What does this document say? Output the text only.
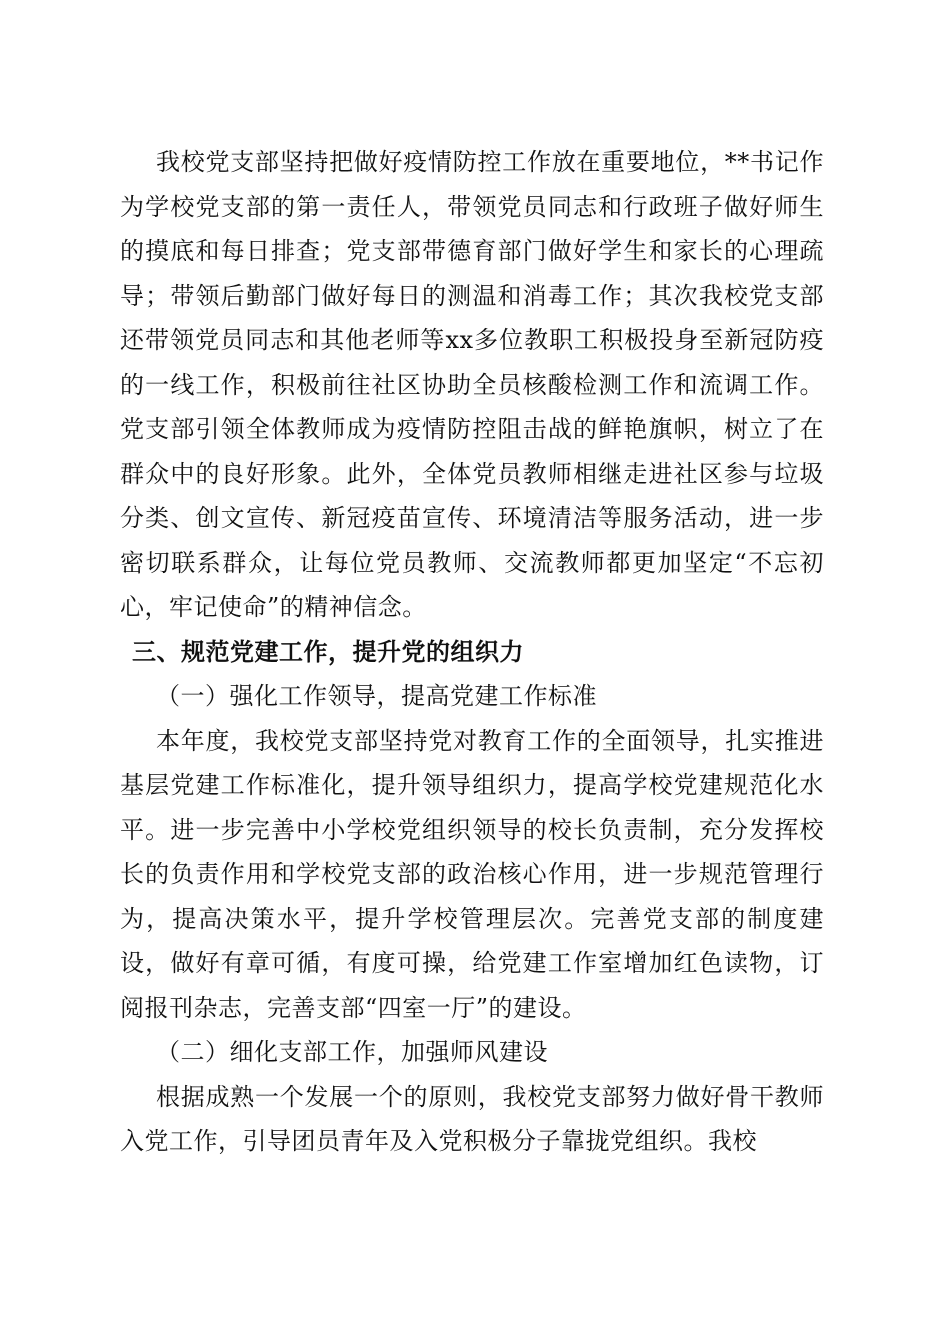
我校党支部坚持把做好疫情防控工作放在重要地位，**书记作为学校党支部的第一责任人，带领党员同志和行政班子做好师生的摸底和每日排查；党支部带德育部门做好学生和家长的心理疏导；带领后勤部门做好每日的测温和消毒工作；其次我校党支部还带领党员同志和其他老师等xx多位教职工积极投身至新冠防疫的一线工作，积极前往社区协助全员核酸检测工作和流调工作。党支部引领全体教师成为疫情防控阻击战的鲜艳旗帜，树立了在群众中的良好形象。此外，全体党员教师相继走进社区参与垃圾分类、创文宣传、新冠疫苗宣传、环境清洁等服务活动，进一步密切联系群众，让每位党员教师、交流教师都更加坚定“不忘初心，牢记使命”的精神信念。

三、规范党建工作，提升党的组织力

（一）强化工作领导，提高党建工作标准

本年度，我校党支部坚持党对教育工作的全面领导，扎实推进基层党建工作标准化，提升领导组织力，提高学校党建规范化水平。进一步完善中小学校党组织领导的校长负责制，充分发挥校长的负责作用和学校党支部的政治核心作用，进一步规范管理行为，提高决策水平，提升学校管理层次。完善党支部的制度建设，做好有章可循，有度可操，给党建工作室增加红色读物，订阅报刊杂志，完善支部“四室一厅”的建设。

（二）细化支部工作，加强师风建设

根据成熟一个发展一个的原则，我校党支部努力做好骨干教师入党工作，引导团员青年及入党积极分子靠拢党组织。我校
